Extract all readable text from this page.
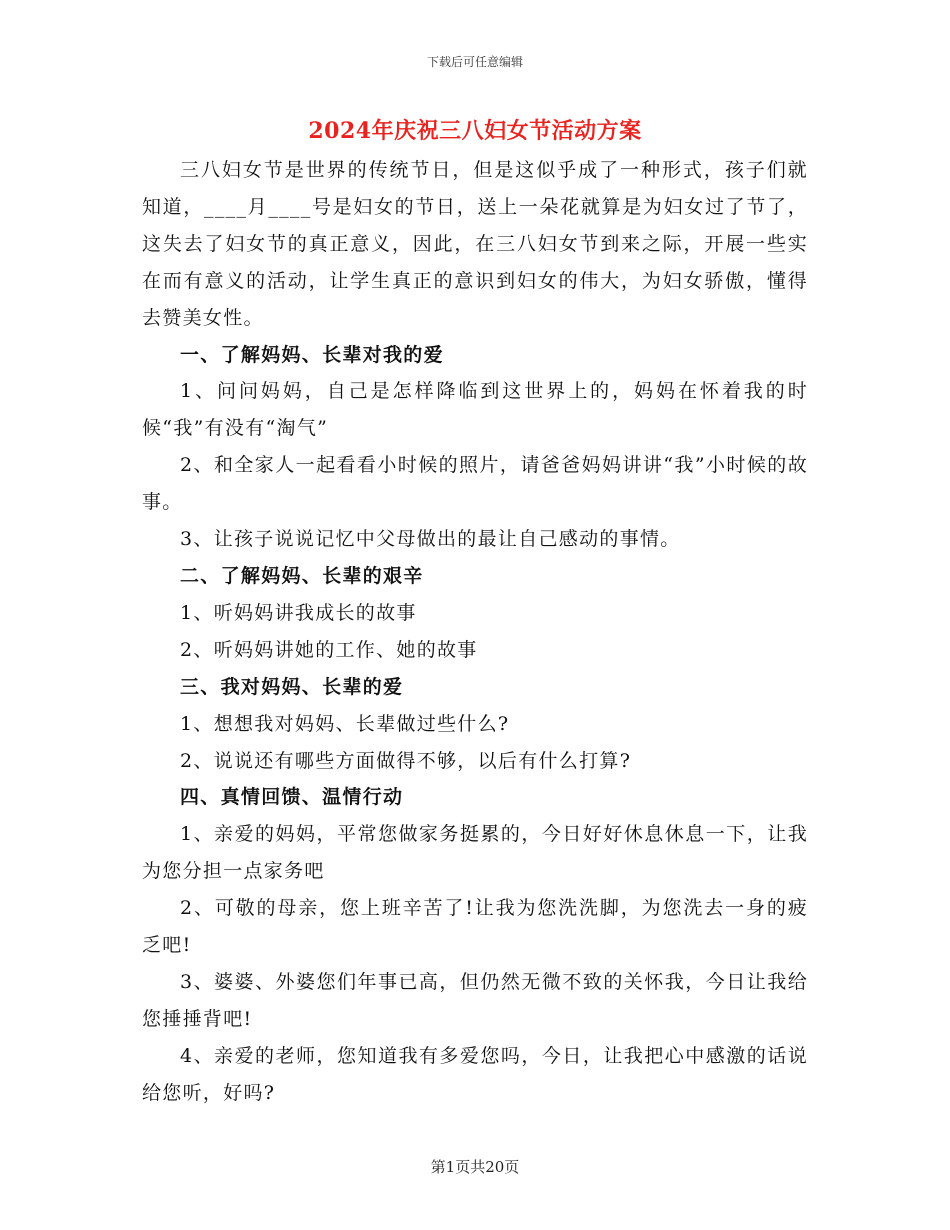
下载后可任意编辑
2024年庆祝三八妇女节活动方案

三八妇女节是世界的传统节日，但是这似乎成了一种形式，孩子们就知道，____月____号是妇女的节日，送上一朵花就算是为妇女过了节了，这失去了妇女节的真正意义，因此，在三八妇女节到来之际，开展一些实在而有意义的活动，让学生真正的意识到妇女的伟大，为妇女骄傲，懂得去赞美女性。

一、了解妈妈、长辈对我的爱

1、问问妈妈，自己是怎样降临到这世界上的，妈妈在怀着我的时候“我”有没有“淘气”

2、和全家人一起看看小时候的照片，请爸爸妈妈讲讲“我”小时候的故事。

3、让孩子说说记忆中父母做出的最让自己感动的事情。

二、了解妈妈、长辈的艰辛

1、听妈妈讲我成长的故事

2、听妈妈讲她的工作、她的故事

三、我对妈妈、长辈的爱

1、想想我对妈妈、长辈做过些什么?

2、说说还有哪些方面做得不够，以后有什么打算?

四、真情回馈、温情行动

1、亲爱的妈妈，平常您做家务挺累的，今日好好休息休息一下，让我为您分担一点家务吧

2、可敬的母亲，您上班辛苦了!让我为您洗洗脚，为您洗去一身的疲乏吧!

3、婆婆、外婆您们年事已高，但仍然无微不致的关怀我，今日让我给您捶捶背吧!

4、亲爱的老师，您知道我有多爱您吗，今日，让我把心中感激的话说给您听，好吗?

第1页共20页
